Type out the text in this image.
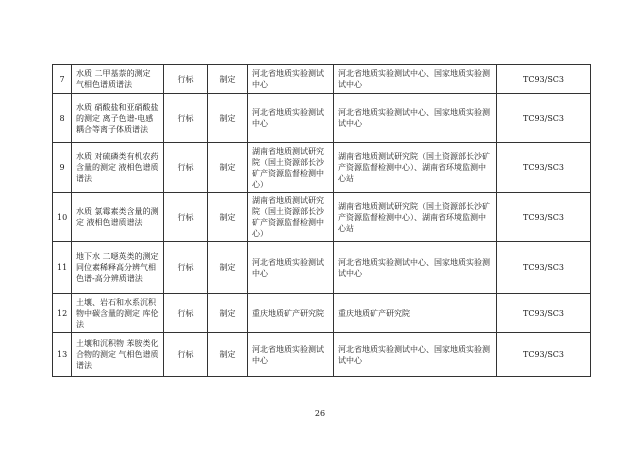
7	水质 二甲基萘的测定 气相色谱质谱法	行标	制定	河北省地质实验测试中心	河北省地质实验测试中心、国家地质实验测试中心	TC93/SC3
8	水质 硝酸盐和亚硝酸盐的测定 离子色谱-电感耦合等离子体质谱法	行标	制定	河北省地质实验测试中心	河北省地质实验测试中心、国家地质实验测试中心	TC93/SC3
9	水质 对硫磷类有机农药含量的测定 液相色谱质谱法	行标	制定	湖南省地质测试研究院（国土资源部长沙矿产资源监督检测中心）	湖南省地质测试研究院（国土资源部长沙矿产资源监督检测中心）、湖南省环境监测中心站	TC93/SC3
10	水质 氯霉素类含量的测定 液相色谱质谱法	行标	制定	湖南省地质测试研究院（国土资源部长沙矿产资源监督检测中心）	湖南省地质测试研究院（国土资源部长沙矿产资源监督检测中心）、湖南省环境监测中心站	TC93/SC3
11	地下水 二噁英类的测定 同位素稀释高分辨气相色谱-高分辨质谱法	行标	制定	河北省地质实验测试中心	河北省地质实验测试中心、国家地质实验测试中心	TC93/SC3
12	土壤、岩石和水系沉积物中碳含量的测定 库伦法	行标	制定	重庆地质矿产研究院	重庆地质矿产研究院	TC93/SC3
13	土壤和沉积物 苯胺类化合物的测定 气相色谱质谱法	行标	制定	河北省地质实验测试中心	河北省地质实验测试中心、国家地质实验测试中心	TC93/SC3
26
